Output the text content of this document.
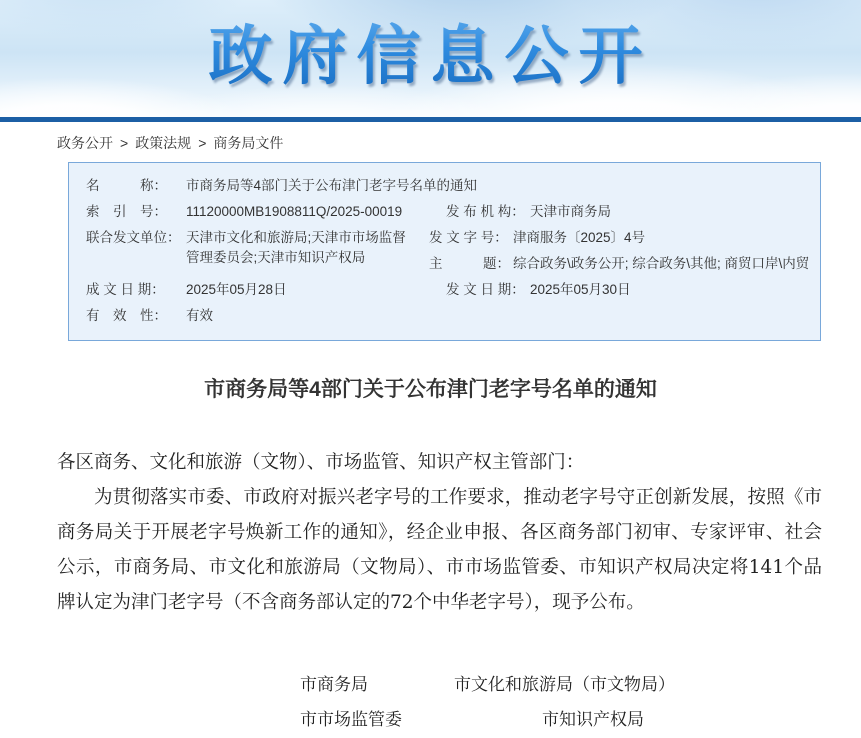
政府信息公开
政务公开 > 政策法规 > 商务局文件
名　　　称：	市商务局等4部门关于公布津门老字号名单的通知
索　引　号：	11120000MB1908811Q/2025-00019	发 布 机 构： 天津市商务局
联合发文单位： 天津市文化和旅游局;天津市市场监督管理委员会;天津市知识产权局
发 文 字 号： 津商服务〔2025〕4号
主　　　题： 综合政务\政务公开; 综合政务\其他; 商贸口岸\内贸
成 文 日 期：	2025年05月28日	发 文 日 期： 2025年05月30日
有　效　性：	有效
市商务局等4部门关于公布津门老字号名单的通知

各区商务、文化和旅游（文物）、市场监管、知识产权主管部门：

为贯彻落实市委、市政府对振兴老字号的工作要求，推动老字号守正创新发展，按照《市商务局关于开展老字号焕新工作的通知》，经企业申报、各区商务部门初审、专家评审、社会公示，市商务局、市文化和旅游局（文物局）、市市场监管委、市知识产权局决定将141个品牌认定为津门老字号（不含商务部认定的72个中华老字号），现予公布。

市商务局	市文化和旅游局（市文物局）
市市场监管委	市知识产权局
